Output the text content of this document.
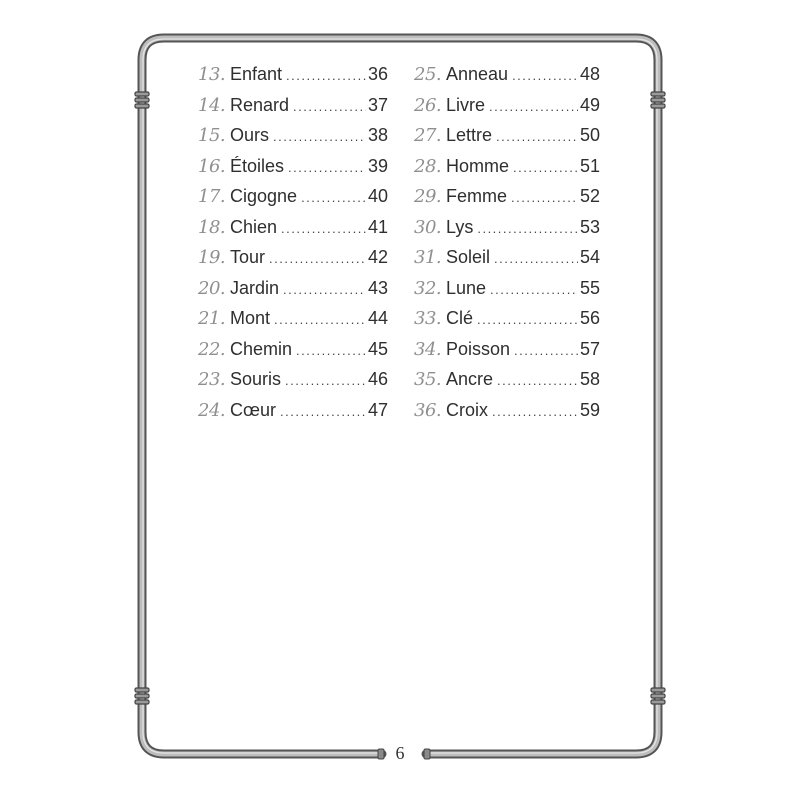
13. Enfant .....	36
14. Renard .....	37
15. Ours .....	38
16. Étoiles .....	39
17. Cigogne .....	40
18. Chien .....	41
19. Tour .....	42
20. Jardin .....	43
21. Mont .....	44
22. Chemin .....	45
23. Souris .....	46
24. Cœur .....	47
25. Anneau .....	48
26. Livre .....	49
27. Lettre .....	50
28. Homme .....	51
29. Femme .....	52
30. Lys .....	53
31. Soleil .....	54
32. Lune .....	55
33. Clé .....	56
34. Poisson .....	57
35. Ancre .....	58
36. Croix .....	59
6
